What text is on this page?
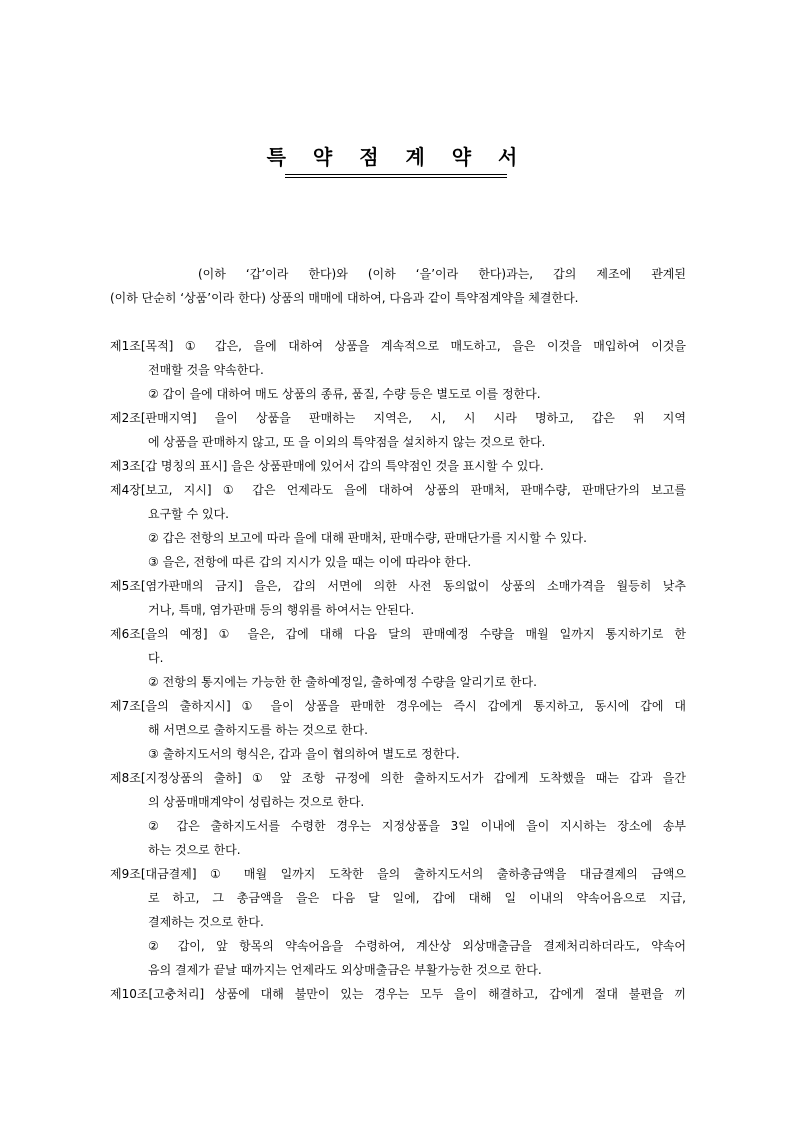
특 약 점 계 약 서
(이하 ‘갑’이라 한다)와 (이하 ‘을’이라 한다)과는, 갑의 제조에 관계된
(이하 단순히 ‘상품’이라 한다) 상품의 매매에 대하여, 다음과 같이 특약점계약을 체결한다.
제1조[목적] ① 갑은, 을에 대하여 상품을 계속적으로 매도하고, 을은 이것을 매입하여 이것을
전매할 것을 약속한다.
② 갑이 을에 대하여 매도 상품의 종류, 품질, 수량 등은 별도로 이를 정한다.
제2조[판매지역] 을이 상품을 판매하는 지역은, 시, 시 시라 명하고, 갑은 위 지역
에 상품을 판매하지 않고, 또 을 이외의 특약점을 설치하지 않는 것으로 한다.
제3조[갑 명칭의 표시] 을은 상품판매에 있어서 갑의 특약점인 것을 표시할 수 있다.
제4장[보고, 지시] ① 갑은 언제라도 을에 대하여 상품의 판매처, 판매수량, 판매단가의 보고를
요구할 수 있다.
② 갑은 전항의 보고에 따라 을에 대해 판매처, 판매수량, 판매단가를 지시할 수 있다.
③ 을은, 전항에 따른 갑의 지시가 있을 때는 이에 따라야 한다.
제5조[염가판매의 금지] 을은, 갑의 서면에 의한 사전 동의없이 상품의 소매가격을 월등히 낮추
거나, 특매, 염가판매 등의 행위를 하여서는 안된다.
제6조[을의 예정] ① 을은, 갑에 대해 다음 달의 판매예정 수량을 매월 일까지 통지하기로 한
다.
② 전항의 통지에는 가능한 한 출하예정일, 출하예정 수량을 알리기로 한다.
제7조[을의 출하지시] ① 을이 상품을 판매한 경우에는 즉시 갑에게 통지하고, 동시에 갑에 대
해 서면으로 출하지도를 하는 것으로 한다.
③ 출하지도서의 형식은, 갑과 을이 협의하여 별도로 정한다.
제8조[지정상품의 출하] ① 앞 조항 규정에 의한 출하지도서가 갑에게 도착했을 때는 갑과 을간
의 상품매매계약이 성립하는 것으로 한다.
② 갑은 출하지도서를 수령한 경우는 지정상품을 3일 이내에 을이 지시하는 장소에 송부
하는 것으로 한다.
제9조[대금결제] ① 매월 일까지 도착한 을의 출하지도서의 출하총금액을 대금결제의 금액으
로 하고, 그 총금액을 을은 다음 달 일에, 갑에 대해 일 이내의 약속어음으로 지급,
결제하는 것으로 한다.
② 갑이, 앞 항목의 약속어음을 수령하여, 계산상 외상매출금을 결제처리하더라도, 약속어
음의 결제가 끝날 때까지는 언제라도 외상매출금은 부활가능한 것으로 한다.
제10조[고충처리] 상품에 대해 불만이 있는 경우는 모두 을이 해결하고, 갑에게 절대 불편을 끼
